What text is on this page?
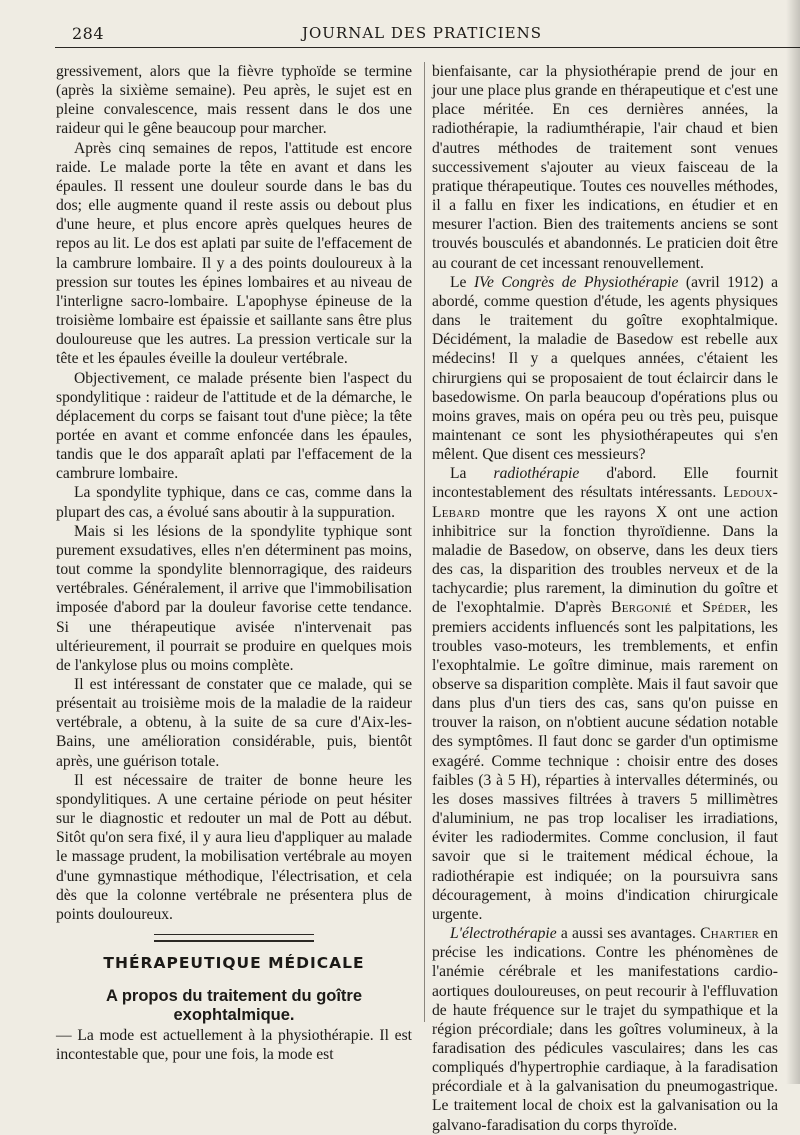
284	JOURNAL DES PRATICIENS

gressivement, alors que la fièvre typhoïde se termine (après la sixième semaine). Peu après, le sujet est en pleine convalescence, mais ressent dans le dos une raideur qui le gêne beaucoup pour marcher.

Après cinq semaines de repos, l'attitude est encore raide. Le malade porte la tête en avant et dans les épaules. Il ressent une douleur sourde dans le bas du dos; elle augmente quand il reste assis ou debout plus d'une heure, et plus encore après quelques heures de repos au lit. Le dos est aplati par suite de l'effacement de la cambrure lombaire. Il y a des points douloureux à la pression sur toutes les épines lombaires et au niveau de l'interligne sacro-lombaire. L'apophyse épineuse de la troisième lombaire est épaissie et saillante sans être plus douloureuse que les autres. La pression verticale sur la tête et les épaules éveille la douleur vertébrale.

Objectivement, ce malade présente bien l'aspect du spondylitique : raideur de l'attitude et de la démarche, le déplacement du corps se faisant tout d'une pièce; la tête portée en avant et comme enfoncée dans les épaules, tandis que le dos apparaît aplati par l'effacement de la cambrure lombaire.

La spondylite typhique, dans ce cas, comme dans la plupart des cas, a évolué sans aboutir à la suppuration.

Mais si les lésions de la spondylite typhique sont purement exsudatives, elles n'en déterminent pas moins, tout comme la spondylite blennorragique, des raideurs vertébrales. Généralement, il arrive que l'immobilisation imposée d'abord par la douleur favorise cette tendance. Si une thérapeutique avisée n'intervenait pas ultérieurement, il pourrait se produire en quelques mois de l'ankylose plus ou moins complète.

Il est intéressant de constater que ce malade, qui se présentait au troisième mois de la maladie de la raideur vertébrale, a obtenu, à la suite de sa cure d'Aix-les-Bains, une amélioration considérable, puis, bientôt après, une guérison totale.

Il est nécessaire de traiter de bonne heure les spondylitiques. A une certaine période on peut hésiter sur le diagnostic et redouter un mal de Pott au début. Sitôt qu'on sera fixé, il y aura lieu d'appliquer au malade le massage prudent, la mobilisation vertébrale au moyen d'une gymnastique méthodique, l'électrisation, et cela dès que la colonne vertébrale ne présentera plus de points douloureux.

THÉRAPEUTIQUE MÉDICALE
A propos du traitement du goître exophtalmique.

— La mode est actuellement à la physiothérapie. Il est incontestable que, pour une fois, la mode est

bienfaisante, car la physiothérapie prend de jour en jour une place plus grande en thérapeutique et c'est une place méritée. En ces dernières années, la radiothérapie, la radiumthérapie, l'air chaud et bien d'autres méthodes de traitement sont venues successivement s'ajouter au vieux faisceau de la pratique thérapeutique. Toutes ces nouvelles méthodes, il a fallu en fixer les indications, en étudier et en mesurer l'action. Bien des traitements anciens se sont trouvés bousculés et abandonnés. Le praticien doit être au courant de cet incessant renouvellement.

Le IVe Congrès de Physiothérapie (avril 1912) a abordé, comme question d'étude, les agents physiques dans le traitement du goître exophtalmique. Décidément, la maladie de Basedow est rebelle aux médecins! Il y a quelques années, c'étaient les chirurgiens qui se proposaient de tout éclaircir dans le basedowisme. On parla beaucoup d'opérations plus ou moins graves, mais on opéra peu ou très peu, puisque maintenant ce sont les physiothérapeutes qui s'en mêlent. Que disent ces messieurs?

La radiothérapie d'abord. Elle fournit incontestablement des résultats intéressants. Ledoux-Lebard montre que les rayons X ont une action inhibitrice sur la fonction thyroïdienne. Dans la maladie de Basedow, on observe, dans les deux tiers des cas, la disparition des troubles nerveux et de la tachycardie; plus rarement, la diminution du goître et de l'exophtalmie. D'après Bergonié et Spéder, les premiers accidents influencés sont les palpitations, les troubles vaso-moteurs, les tremblements, et enfin l'exophtalmie. Le goître diminue, mais rarement on observe sa disparition complète. Mais il faut savoir que dans plus d'un tiers des cas, sans qu'on puisse en trouver la raison, on n'obtient aucune sédation notable des symptômes. Il faut donc se garder d'un optimisme exagéré. Comme technique : choisir entre des doses faibles (3 à 5 H), réparties à intervalles déterminés, ou les doses massives filtrées à travers 5 millimètres d'aluminium, ne pas trop localiser les irradiations, éviter les radiodermites. Comme conclusion, il faut savoir que si le traitement médical échoue, la radiothérapie est indiquée; on la poursuivra sans découragement, à moins d'indication chirurgicale urgente.

L'électrothérapie a aussi ses avantages. Chartier en précise les indications. Contre les phénomènes de l'anémie cérébrale et les manifestations cardio-aortiques douloureuses, on peut recourir à l'effluvation de haute fréquence sur le trajet du sympathique et la région précordiale; dans les goîtres volumineux, à la faradisation des pédicules vasculaires; dans les cas compliqués d'hypertrophie cardiaque, à la faradisation précordiale et à la galvanisation du pneumogastrique. Le traitement local de choix est la galvanisation ou la galvano-faradisation du corps thyroïde.
